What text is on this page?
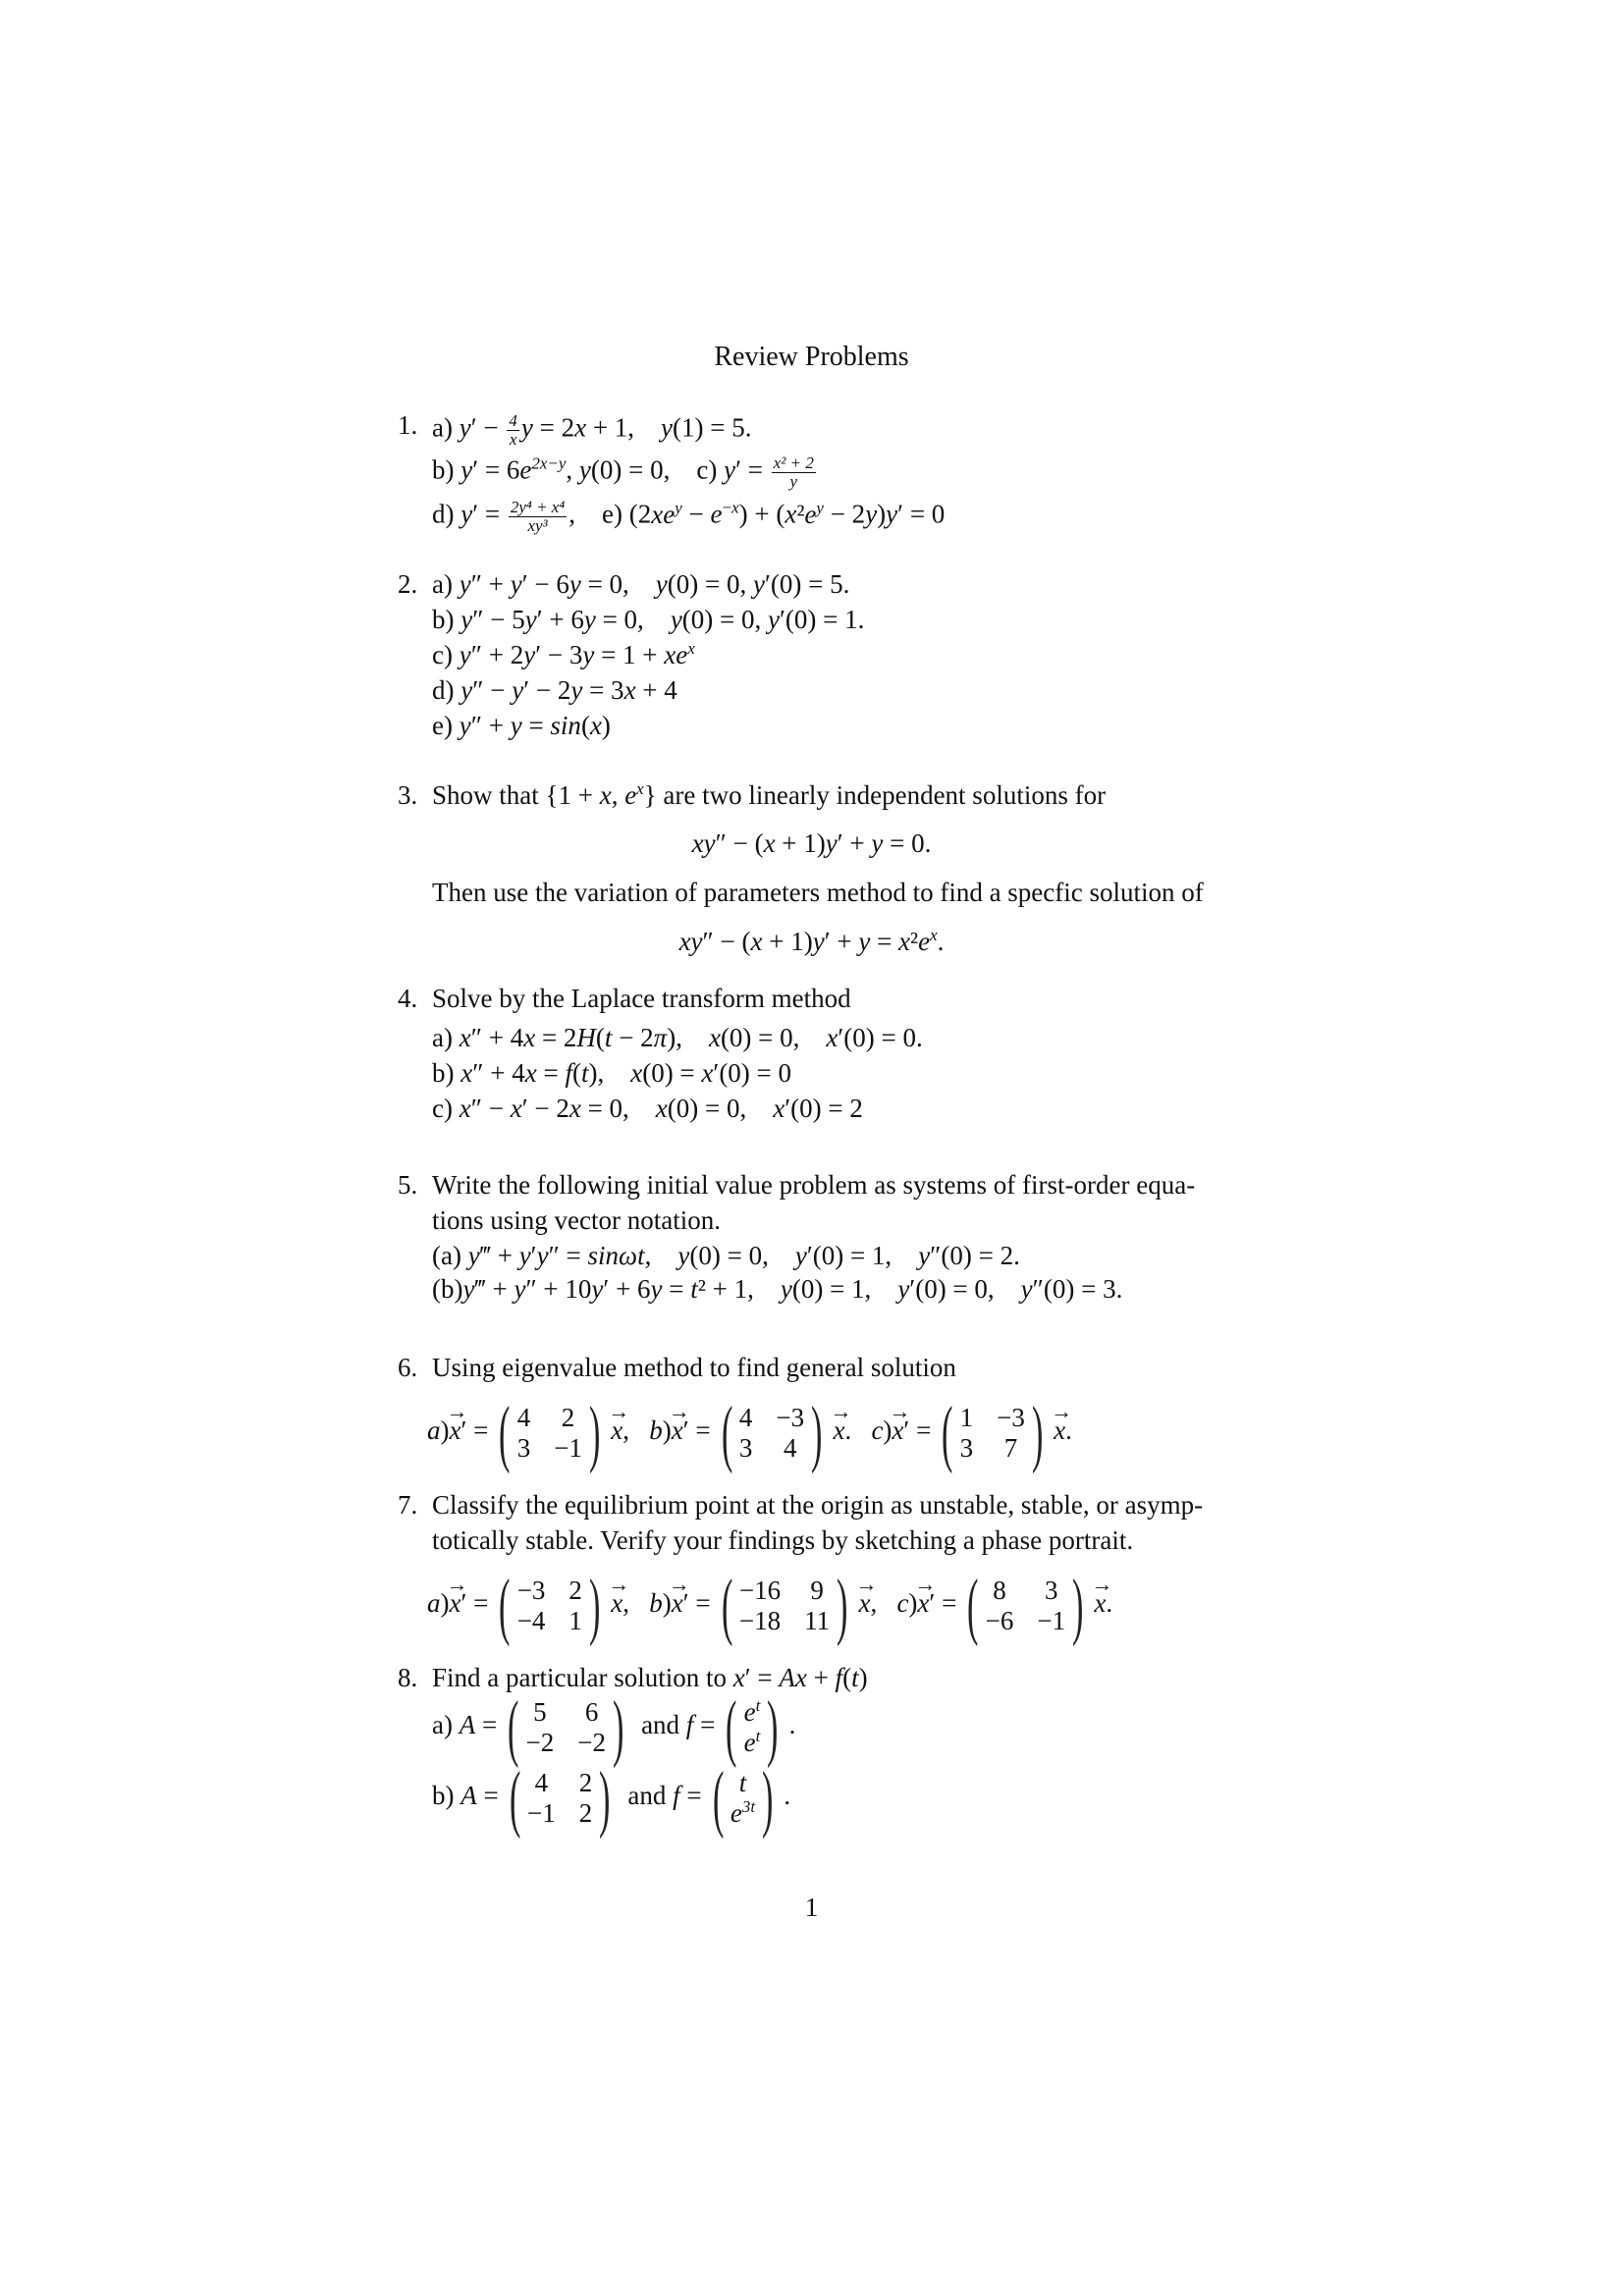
Review Problems
1. a) $y' - \frac{4}{x}$ y = 2x + 1,    y(1) = 5.
b) $y' = 6e^{2x-y}$, y(0) = 0,    c) $y' = \frac{\text{x² + 2}}{y}$
d) $y' = \frac{\text{2y⁴ + x⁴}}{\text{xy³}}$ ,    e) $(2xe^y - e^{-x}) + (x^2e^y - 2y)y' = 0$
2. a) y″ + y′ − 6y = 0,    y(0) = 0, y′(0) = 5.
b) y″ − 5y′ + 6y = 0,    y(0) = 0, y′(0) = 1.
c) $y'' + 2y' - 3y = 1 + xe^x$
d) y″ − y′ − 2y = 3x + 4
e) y″ + y = sin(x)
3. Show that {1 + x, $e^x$} are two linearly independent solutions for
xy″ − (x + 1)y′ + y = 0.
Then use the variation of parameters method to find a specfic solution of
$xy'' - (x + 1)y' + y = x^2e^x$.
4. Solve by the Laplace transform method
a) x″ + 4x = 2H(t − 2π),    x(0) = 0,    x′(0) = 0.
b) x″ + 4x = f(t),    x(0) = x′(0) = 0
c) x″ − x′ − 2x = 0,    x(0) = 0,    x′(0) = 2
5. Write the following initial value problem as systems of first-order equa-
tions using vector notation.
(a) y‴ + y′y″ = sinωt,    y(0) = 0,    y′(0) = 1,    y″(0) = 2.
(b)y‴ + y″ + 10y′ + 6y = t² + 1,    y(0) = 1,    y′(0) = 0,    y″(0) = 3.
6. Using eigenvalue method to find general solution
a)→ x′ = ( 4 2
3 −1 ) → x, b)→ x′ = ( 4 −3
3 4 ) → x. c)→ x′ = ( 1 −3
3 7 ) → x.
7. Classify the equilibrium point at the origin as unstable, stable, or asymp-
totically stable. Verify your findings by sketching a phase portrait.
a)→ x′ = ( −3 2
−4 1 ) → x, b)→ x′ = ( −16 9
−18 11 ) → x, c)→ x′ = ( 8 3
−6 −1 ) → x.
8. Find a particular solution to x′ = Ax + f(t)
a) A = ( 5 6
−2 −2 ) and f = ( $e^t$
$e^t$ ) .
b) A = ( 4 2
−1 2 ) and f = ( t
$e^{3t}$ ) .
1
